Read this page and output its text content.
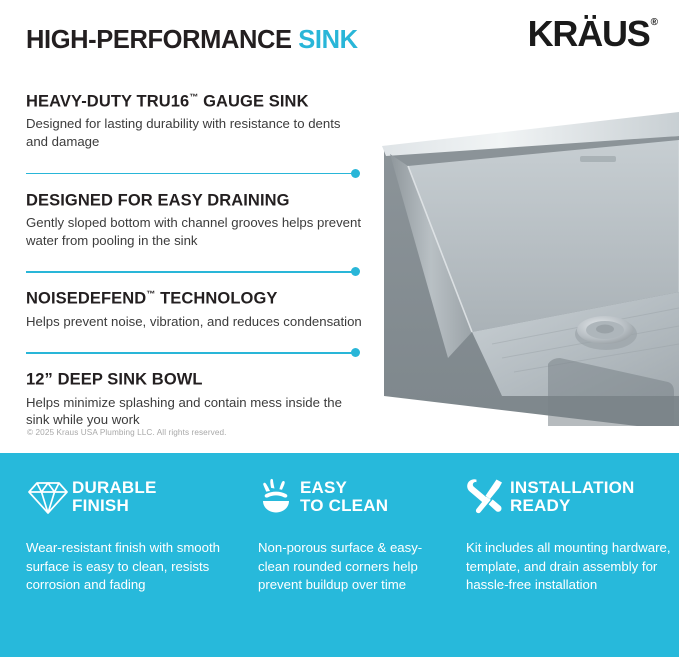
HIGH-PERFORMANCE SINK	KRÄUS®
HEAVY-DUTY TRU16™ GAUGE SINK

Designed for lasting durability with resistance to dents and damage

DESIGNED FOR EASY DRAINING

Gently sloped bottom with channel grooves helps prevent water from pooling in the sink

NOISEDEFEND™ TECHNOLOGY

Helps prevent noise, vibration, and reduces condensation

12” DEEP SINK BOWL

Helps minimize splashing and contain mess inside the sink while you work

© 2025 Kraus USA Plumbing LLC. All rights reserved.
DURABLE
FINISH
Wear-resistant finish with smooth surface is easy to clean, resists corrosion and fading
EASY
TO CLEAN
Non-porous surface & easy-clean rounded corners help prevent buildup over time
INSTALLATION
READY
Kit includes all mounting hardware, template, and drain assembly for hassle-free installation
